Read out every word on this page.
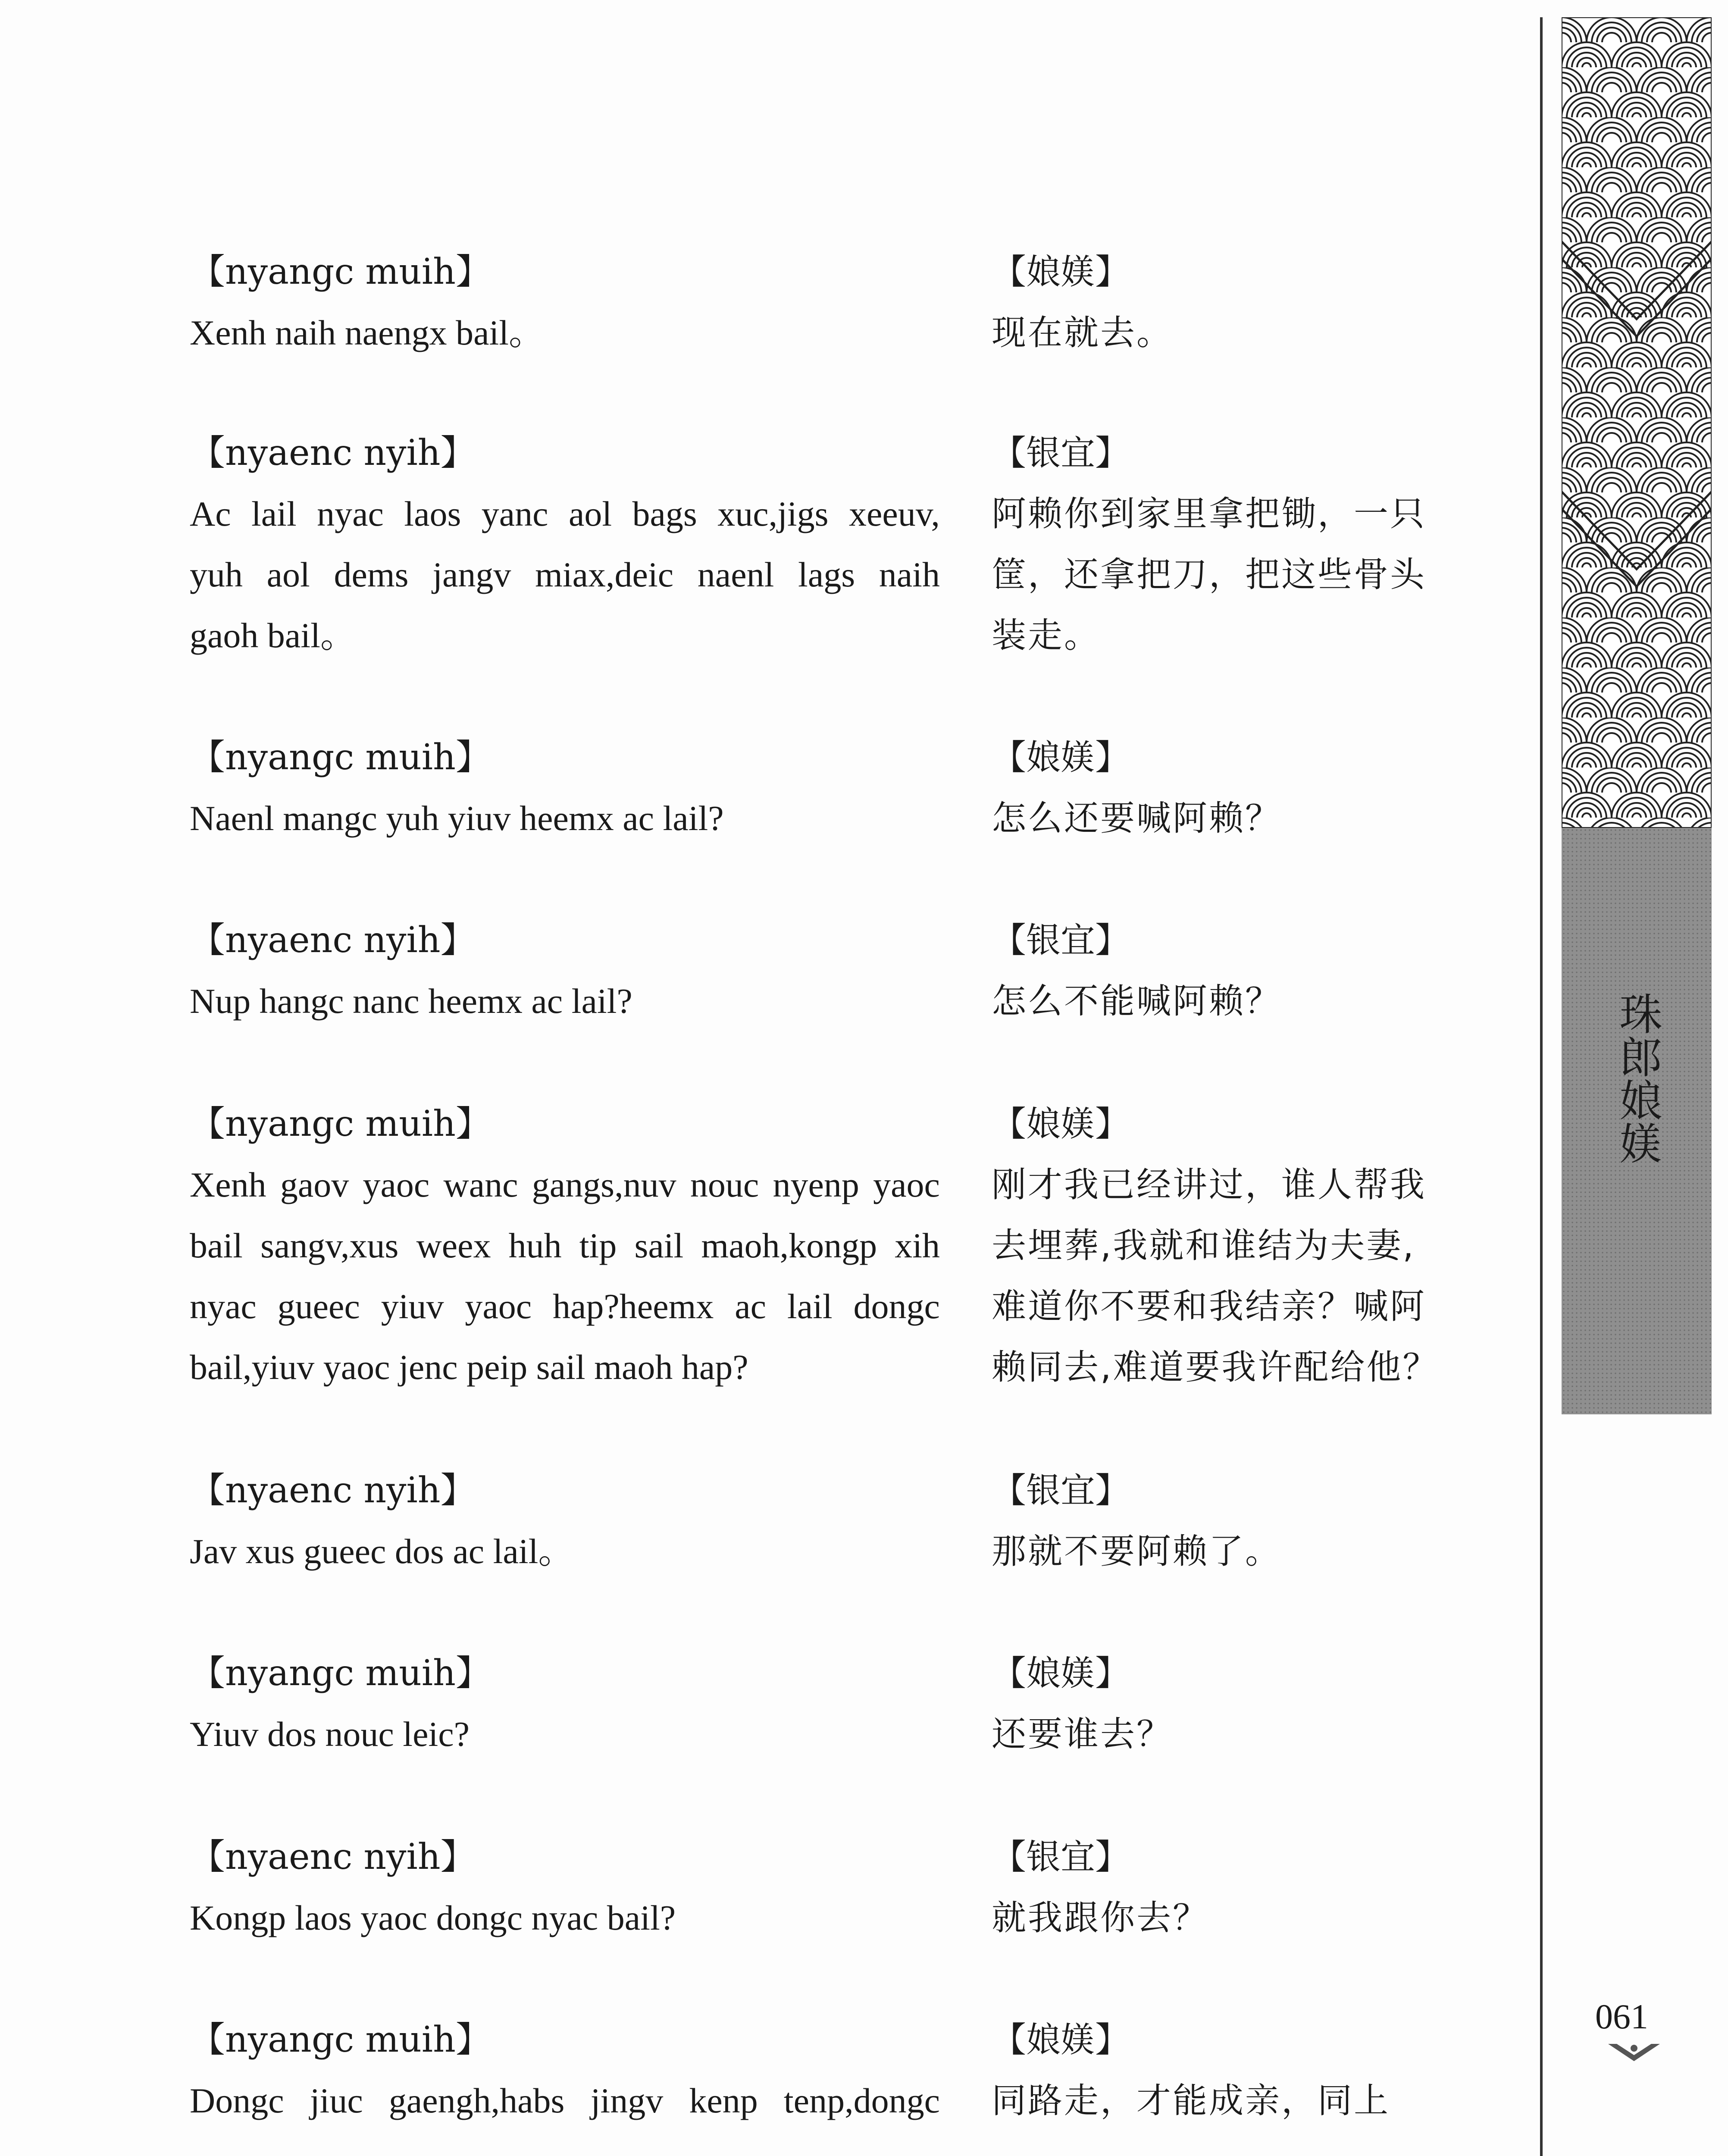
【nyangc muih】
Xenh naih naengx bail。
【nyaenc nyih】
Ac lail nyac laos yanc aol bags xuc,jigs xeeuv,
yuh aol dems jangv miax,deic naenl lags naih
gaoh bail。
【nyangc muih】
Naenl mangc yuh yiuv heemx ac lail?
【nyaenc nyih】
Nup hangc nanc heemx ac lail?
【nyangc muih】
Xenh gaov yaoc wanc gangs,nuv nouc nyenp yaoc
bail sangv,xus weex huh tip sail maoh,kongp xih
nyac gueec yiuv yaoc hap?heemx ac lail dongc
bail,yiuv yaoc jenc peip sail maoh hap?
【nyaenc nyih】
Jav xus gueec dos ac lail。
【nyangc muih】
Yiuv dos nouc leic?
【nyaenc nyih】
Kongp laos yaoc dongc nyac bail?
【nyangc muih】
Dongc jiuc gaengh,habs jingv kenp tenp,dongc
【娘媄】
现在就去。
【银宜】
阿赖你到家里拿把锄，一只
筐，还拿把刀，把这些骨头
装走。
【娘媄】
怎么还要喊阿赖？
【银宜】
怎么不能喊阿赖？
【娘媄】
刚才我已经讲过，谁人帮我
去埋葬,我就和谁结为夫妻,
难道你不要和我结亲？喊阿
赖同去,难道要我许配给他？
【银宜】
那就不要阿赖了。
【娘媄】
还要谁去？
【银宜】
就我跟你去？
【娘媄】
同路走，才能成亲，同上
珠郎娘媄
061
